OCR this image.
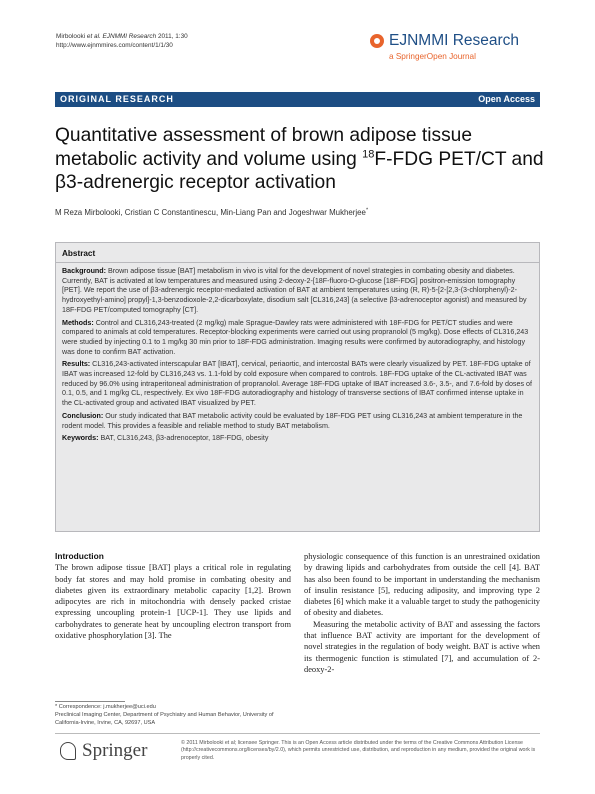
Mirbolooki et al. EJNMMI Research 2011, 1:30
http://www.ejnmmires.com/content/1/1/30	EJNMMI Research
a SpringerOpen Journal
ORIGINAL RESEARCH	Open Access
Quantitative assessment of brown adipose tissue metabolic activity and volume using $^{18}$F-FDG PET/CT and β3-adrenergic receptor activation
M Reza Mirbolooki, Cristian C Constantinescu, Min-Liang Pan and Jogeshwar Mukherjee*
Abstract

Background: Brown adipose tissue [BAT] metabolism in vivo is vital for the development of novel strategies in combating obesity and diabetes. Currently, BAT is activated at low temperatures and measured using 2-deoxy-2-[18F-fluoro-D-glucose [18F-FDG] positron-emission tomography [PET]. We report the use of β3-adrenergic receptor-mediated activation of BAT at ambient temperatures using (R, R)-5-[2-[2,3-(3-chlorphenyl)-2-hydroxyethyl-amino] propyl]-1,3-benzodioxole-2,2-dicarboxylate, disodium salt [CL316,243] (a selective β3-adrenoceptor agonist) and measured by 18F-FDG PET/computed tomography [CT].

Methods: Control and CL316,243-treated (2 mg/kg) male Sprague-Dawley rats were administered with 18F-FDG for PET/CT studies and were compared to animals at cold temperatures. Receptor-blocking experiments were carried out using propranolol (5 mg/kg). Dose effects of CL316,243 were studied by injecting 0.1 to 1 mg/kg 30 min prior to 18F-FDG administration. Imaging results were confirmed by autoradiography, and histology was done to confirm BAT activation.

Results: CL316,243-activated interscapular BAT [IBAT], cervical, periaortic, and intercostal BATs were clearly visualized by PET. 18F-FDG uptake of IBAT was increased 12-fold by CL316,243 vs. 1.1-fold by cold exposure when compared to controls. 18F-FDG uptake of the CL-activated IBAT was reduced by 96.0% using intraperitoneal administration of propranolol. Average 18F-FDG uptake of IBAT increased 3.6-, 3.5-, and 7.6-fold by doses of 0.1, 0.5, and 1 mg/kg CL, respectively. Ex vivo 18F-FDG autoradiography and histology of transverse sections of IBAT confirmed intense uptake in the CL-activated group and activated IBAT visualized by PET.

Conclusion: Our study indicated that BAT metabolic activity could be evaluated by 18F-FDG PET using CL316,243 at ambient temperature in the rodent model. This provides a feasible and reliable method to study BAT metabolism.

Keywords: BAT, CL316,243, β3-adrenoceptor, 18F-FDG, obesity

Introduction

The brown adipose tissue [BAT] plays a critical role in regulating body fat stores and may hold promise in combating obesity and diabetes given its extraordinary metabolic capacity [1,2]. Brown adipocytes are rich in mitochondria with densely packed cristae expressing uncoupling protein-1 [UCP-1]. They use lipids and carbohydrates to generate heat by uncoupling electron transport from oxidative phosphorylation [3]. The

physiologic consequence of this function is an unrestrained oxidation by drawing lipids and carbohydrates from outside the cell [4]. BAT has also been found to be important in understanding the mechanism of insulin resistance [5], reducing adiposity, and improving type 2 diabetes [6] which make it a valuable target to study the pathogenicity of obesity and diabetes.

Measuring the metabolic activity of BAT and assessing the factors that influence BAT activity are important for the development of novel strategies in the regulation of body weight. BAT is active when its thermogenic function is stimulated [7], and accumulation of 2-deoxy-2-

* Correspondence: j.mukherjee@uci.edu
Preclinical Imaging Center, Department of Psychiatry and Human Behavior, University of California-Irvine, Irvine, CA, 92697, USA
Springer	© 2011 Mirbolooki et al; licensee Springer. This is an Open Access article distributed under the terms of the Creative Commons Attribution License (http://creativecommons.org/licenses/by/2.0), which permits unrestricted use, distribution, and reproduction in any medium, provided the original work is properly cited.
